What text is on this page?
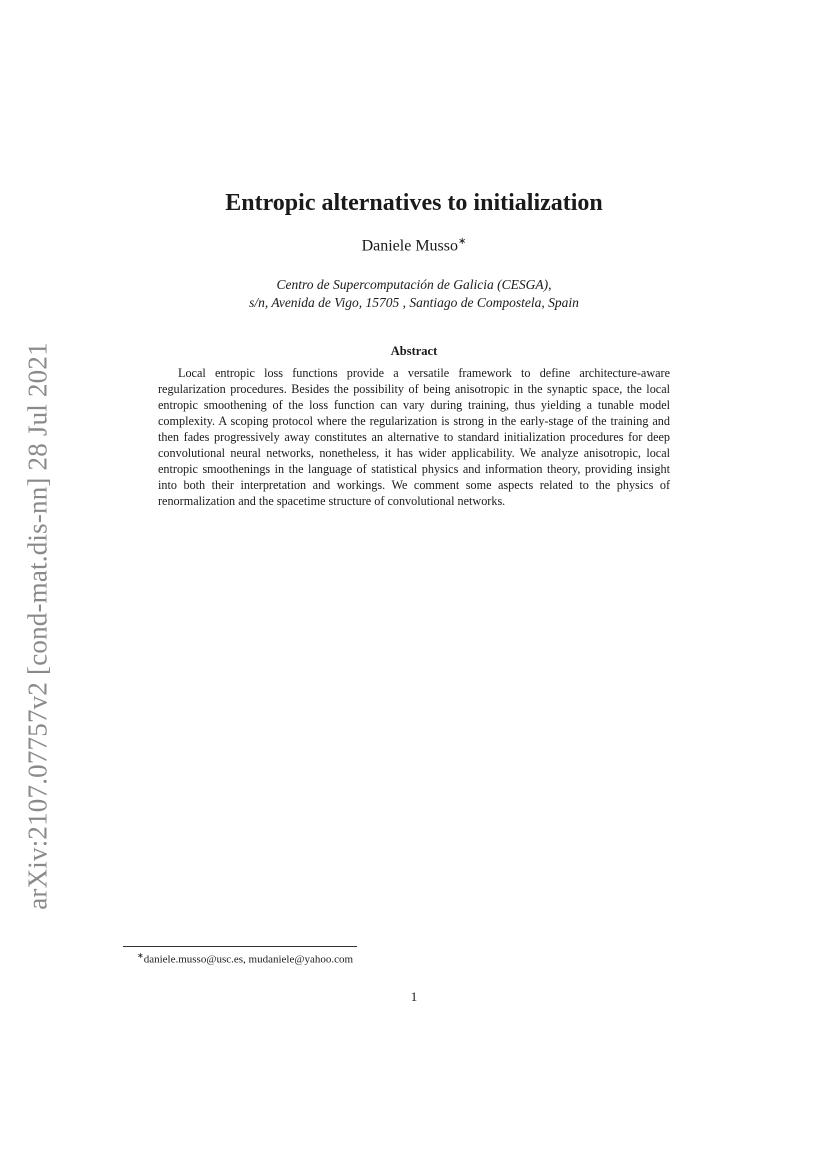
arXiv:2107.07757v2 [cond-mat.dis-nn] 28 Jul 2021
Entropic alternatives to initialization
Daniele Musso∗
Centro de Supercomputación de Galicia (CESGA),
s/n, Avenida de Vigo, 15705 , Santiago de Compostela, Spain
Abstract

Local entropic loss functions provide a versatile framework to define architecture-aware regularization procedures. Besides the possibility of being anisotropic in the synaptic space, the local entropic smoothening of the loss function can vary during training, thus yielding a tunable model complexity. A scoping protocol where the regularization is strong in the early-stage of the training and then fades progressively away constitutes an alternative to standard initialization procedures for deep convolutional neural networks, nonetheless, it has wider applicability. We analyze anisotropic, local entropic smoothenings in the language of statistical physics and information theory, providing insight into both their interpretation and workings. We comment some aspects related to the physics of renormalization and the spacetime structure of convolutional networks.

∗daniele.musso@usc.es, mudaniele@yahoo.com
1
